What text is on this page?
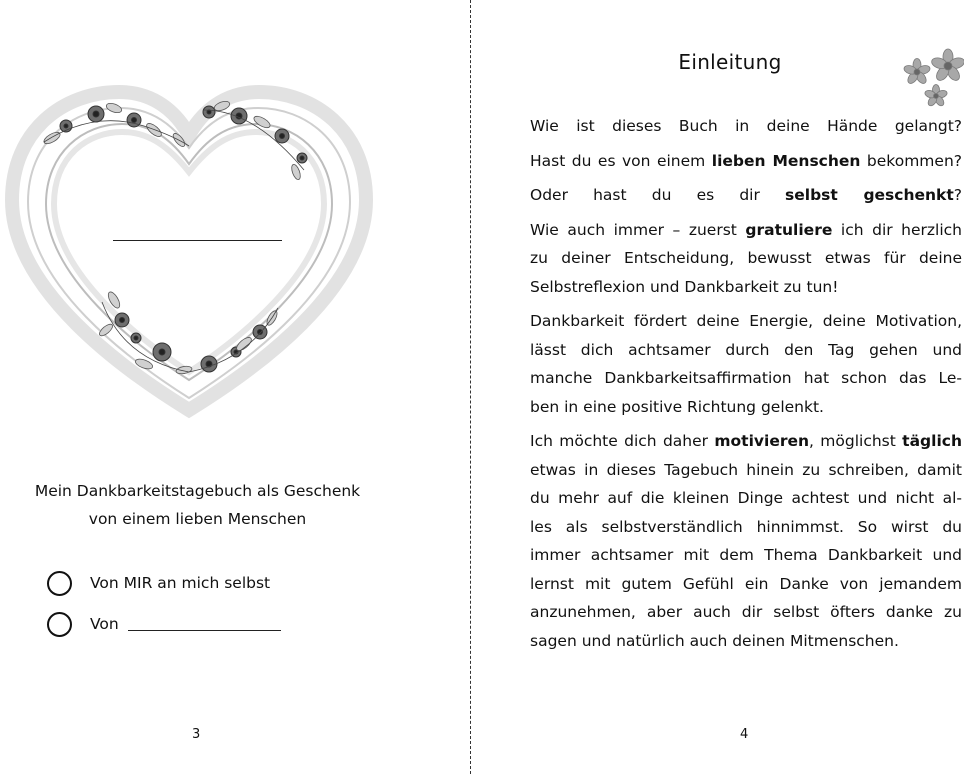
Mein Dankbarkeitstagebuch als Geschenk
von einem lieben Menschen
Von MIR an mich selbst
Von
3
Einleitung

Wie ist dieses Buch in deine Hände gelangt?

Hast du es von einem lieben Menschen bekommen?

Oder hast du es dir selbst geschenkt?

Wie auch immer – zuerst gratuliere ich dir herzlich
zu deiner Entscheidung, bewusst etwas für deine
Selbstreflexion und Dankbarkeit zu tun!

Dankbarkeit fördert deine Energie, deine Motivation,
lässt dich achtsamer durch den Tag gehen und
manche Dankbarkeitsaffirmation hat schon das Le-
ben in eine positive Richtung gelenkt.

Ich möchte dich daher motivieren, möglichst täglich
etwas in dieses Tagebuch hinein zu schreiben, damit
du mehr auf die kleinen Dinge achtest und nicht al-
les als selbstverständlich hinnimmst. So wirst du
immer achtsamer mit dem Thema Dankbarkeit und
lernst mit gutem Gefühl ein Danke von jemandem
anzunehmen, aber auch dir selbst öfters danke zu
sagen und natürlich auch deinen Mitmenschen.

4
